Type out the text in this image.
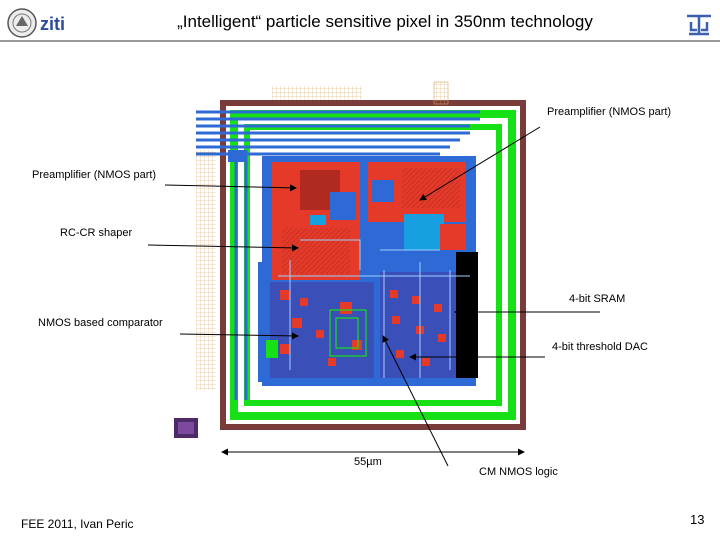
ziti	„Intelligent“ particle sensitive pixel in 350nm technology
Preamplifier (NMOS part)
Preamplifier (NMOS part)
RC-CR shaper
4-bit SRAM
NMOS based comparator
4-bit threshold DAC
CM NMOS logic
55µm
FEE 2011, Ivan Peric	13
